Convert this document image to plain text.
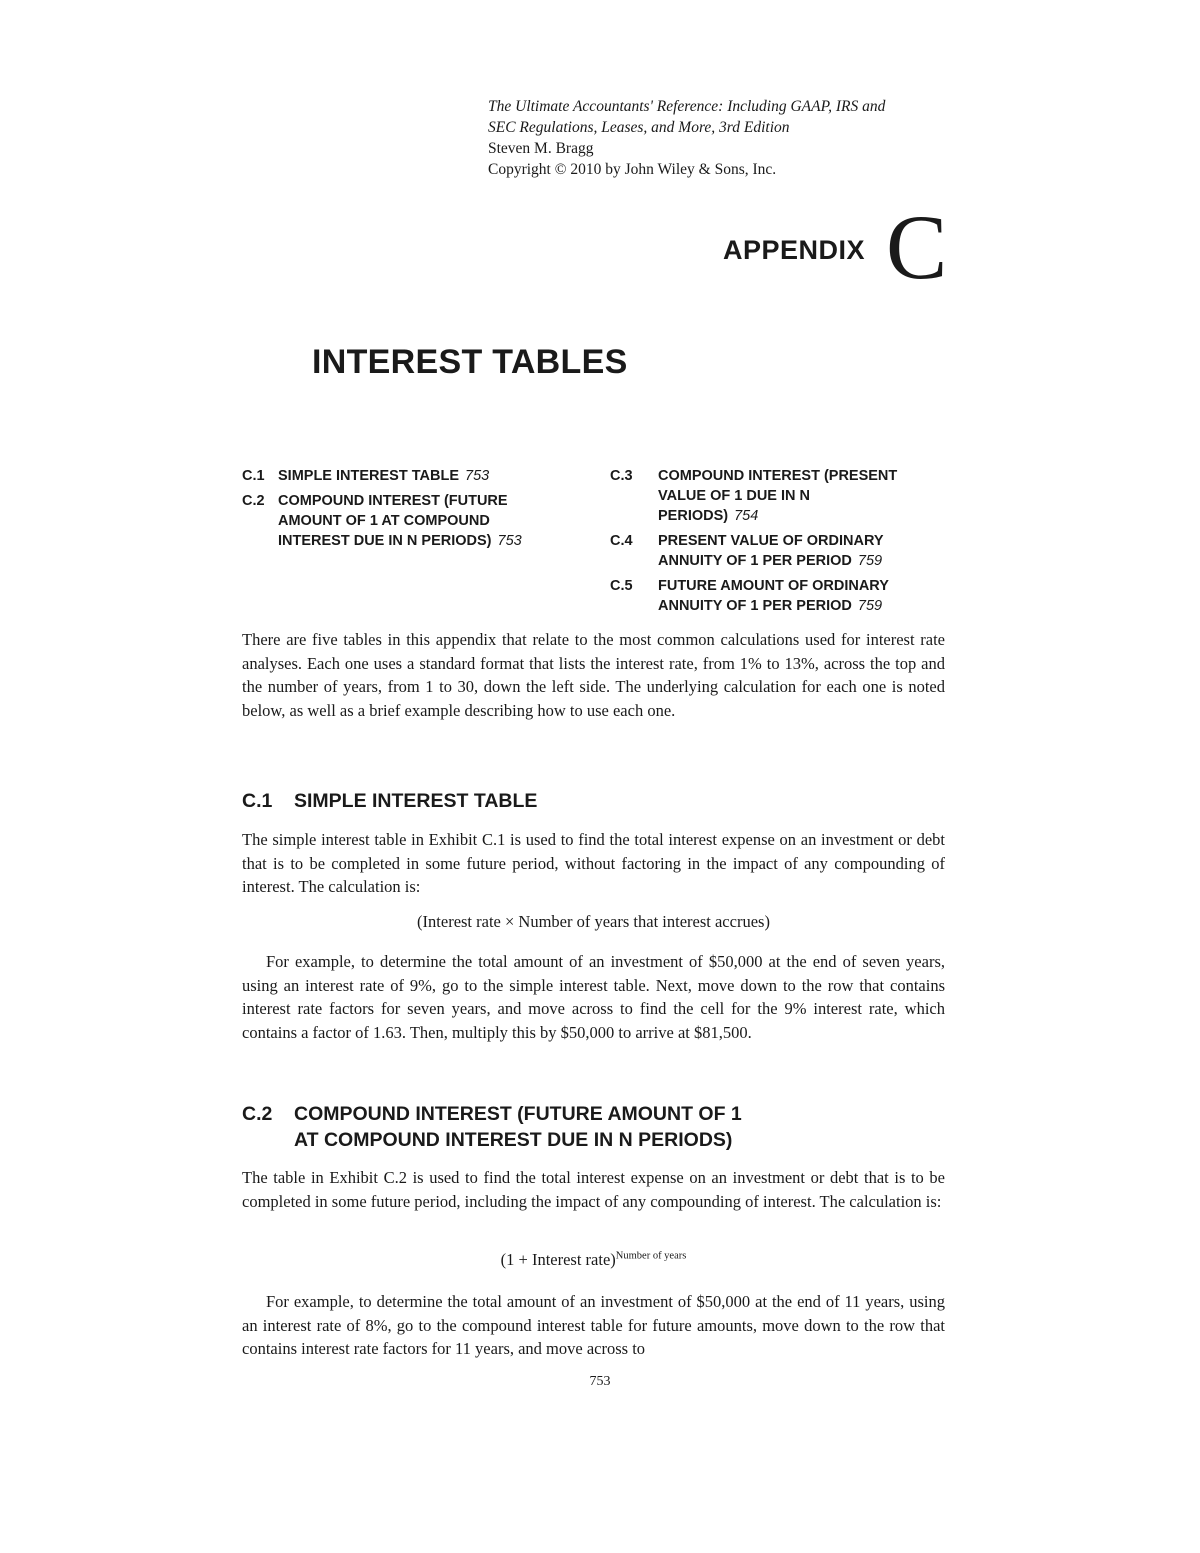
The Ultimate Accountants' Reference: Including GAAP, IRS and
SEC Regulations, Leases, and More, 3rd Edition
Steven M. Bragg
Copyright © 2010 by John Wiley & Sons, Inc.
APPENDIX C
INTEREST TABLES
C.1 SIMPLE INTEREST TABLE 753
C.2 COMPOUND INTEREST (FUTURE AMOUNT OF 1 AT COMPOUND INTEREST DUE IN N PERIODS) 753
C.3	COMPOUND INTEREST (PRESENT VALUE OF 1 DUE IN N PERIODS) 754
C.4	PRESENT VALUE OF ORDINARY ANNUITY OF 1 PER PERIOD 759
C.5	FUTURE AMOUNT OF ORDINARY ANNUITY OF 1 PER PERIOD 759

There are five tables in this appendix that relate to the most common calculations used for interest rate analyses. Each one uses a standard format that lists the interest rate, from 1% to 13%, across the top and the number of years, from 1 to 30, down the left side. The underlying calculation for each one is noted below, as well as a brief example describing how to use each one.

C.1 SIMPLE INTEREST TABLE

The simple interest table in Exhibit C.1 is used to find the total interest expense on an investment or debt that is to be completed in some future period, without factoring in the impact of any compounding of interest. The calculation is:

(Interest rate × Number of years that interest accrues)

For example, to determine the total amount of an investment of $50,000 at the end of seven years, using an interest rate of 9%, go to the simple interest table. Next, move down to the row that contains interest rate factors for seven years, and move across to find the cell for the 9% interest rate, which contains a factor of 1.63. Then, multiply this by $50,000 to arrive at $81,500.

C.2 COMPOUND INTEREST (FUTURE AMOUNT OF 1
AT COMPOUND INTEREST DUE IN N PERIODS)

The table in Exhibit C.2 is used to find the total interest expense on an investment or debt that is to be completed in some future period, including the impact of any compounding of interest. The calculation is:

(1 + Interest rate)$^{Number of years}$

For example, to determine the total amount of an investment of $50,000 at the end of 11 years, using an interest rate of 8%, go to the compound interest table for future amounts, move down to the row that contains interest rate factors for 11 years, and move across to

753
